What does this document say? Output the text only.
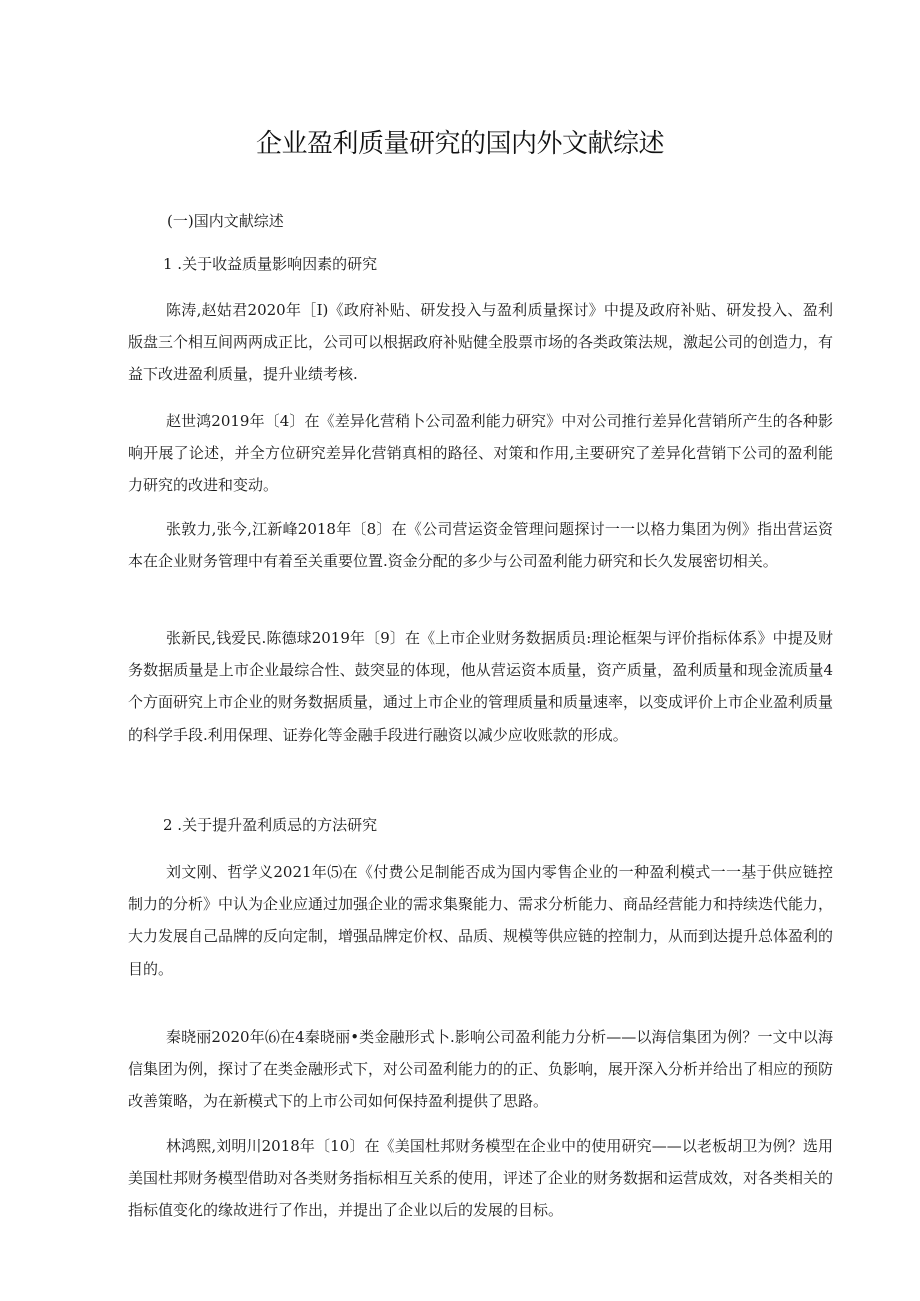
企业盈利质量研究的国内外文献综述

(一)国内文献综述

1 .关于收益质量影响因素的研究

陈涛,赵姑君2020年［I)《政府补贴、研发投入与盈利质量探讨》中提及政府补贴、研发投入、盈利版盘三个相互间两两成正比，公司可以根据政府补贴健全股票市场的各类政策法规，激起公司的创造力，有益下改进盈利质量，提升业绩考核.

赵世鸿2019年〔4〕在《差异化营稍卜公司盈利能力研究》中对公司推行差异化营销所产生的各种影响开展了论述，并全方位研究差异化营销真相的路径、对策和作用,主要研究了差异化营销下公司的盈利能力研究的改进和变动。

张敦力,张今,江新峰2018年〔8〕在《公司营运资金管理问题探讨一一以格力集团为例》指出营运资本在企业财务管理中有着至关重要位置.资金分配的多少与公司盈利能力研究和长久发展密切相关。

张新民,钱爱民.陈德球2019年〔9〕在《上市企业财务数据质员:理论框架与评价指标体系》中提及财务数据质量是上市企业最综合性、鼓突显的体现，他从营运资本质量，资产质量，盈利质量和现金流质量4个方面研究上市企业的财务数据质量，通过上市企业的管理质量和质量速率，以变成评价上市企业盈利质量的科学手段.利用保理、证券化等金融手段进行融资以减少应收账款的形成。

2 .关于提升盈利质忌的方法研究

刘文刚、哲学义2021年⑸在《付费公足制能否成为国内零售企业的一种盈利模式一一基于供应链控制力的分析》中认为企业应通过加强企业的需求集聚能力、需求分析能力、商品经营能力和持续迭代能力，大力发展自己品牌的反向定制，增强品牌定价权、品质、规模等供应链的控制力，从而到达提升总体盈利的目的。

秦晓丽2020年⑹在4秦晓丽•类金融形式卜.影响公司盈利能力分析——以海信集团为例？一文中以海信集团为例，探讨了在类金融形式下，对公司盈利能力的的正、负影响，展开深入分析并给出了相应的预防改善策略，为在新模式下的上市公司如何保持盈利提供了思路。

林鸿熙,刘明川2018年〔10〕在《美国杜邦财务模型在企业中的使用研究——以老板胡卫为例？选用美国杜邦财务模型借助对各类财务指标相互关系的使用，评述了企业的财务数据和运营成效，对各类相关的指标值变化的缘故进行了作出，并提出了企业以后的发展的目标。
